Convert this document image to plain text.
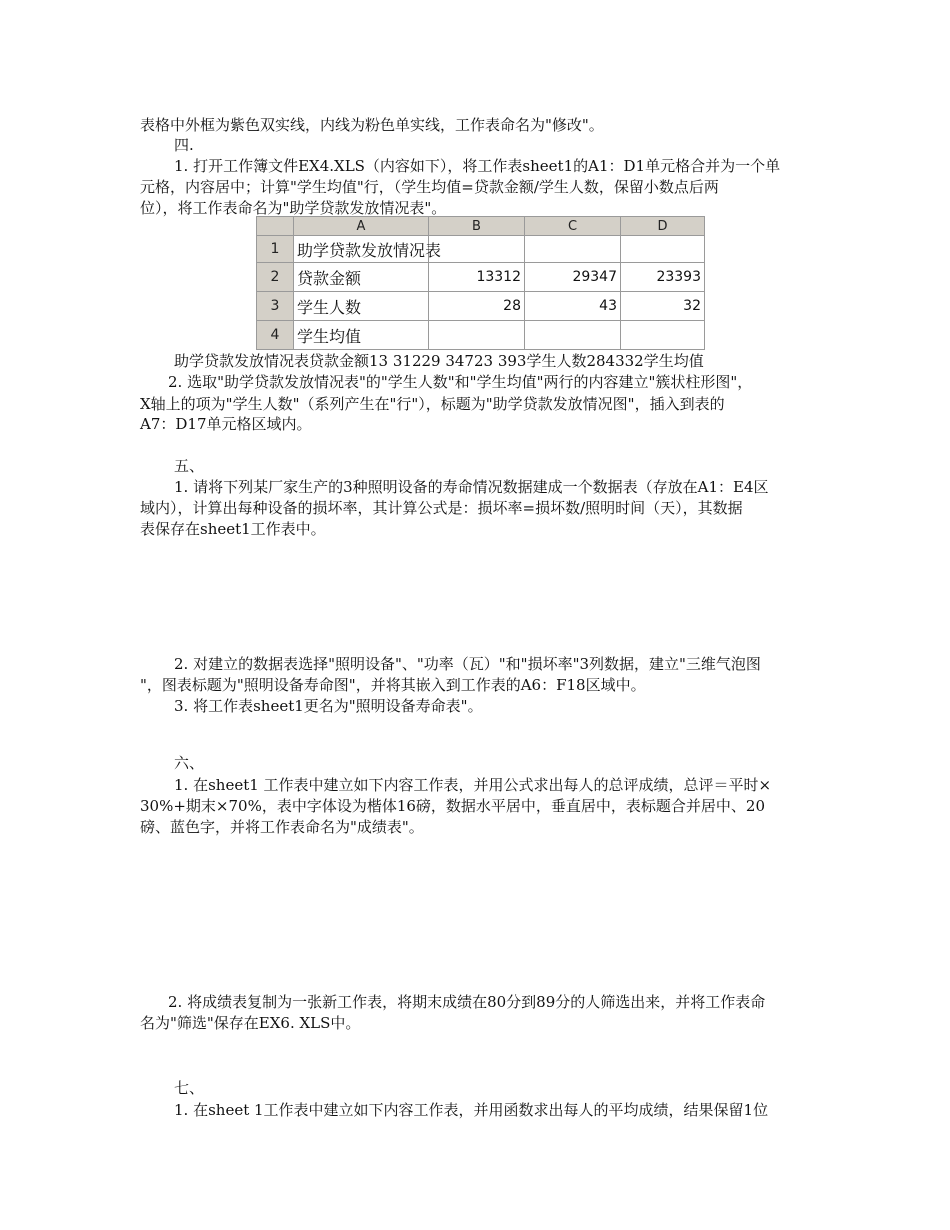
表格中外框为紫色双实线，内线为粉色单实线，工作表命名为"修改"。
四.
1. 打开工作簿文件EX4.XLS（内容如下），将工作表sheet1的A1：D1单元格合并为一个单
元格，内容居中；计算"学生均值"行，（学生均值=贷款金额/学生人数，保留小数点后两
位），将工作表命名为"助学贷款发放情况表"。
	A	B	C	D
1	助学贷款发放情况表			
2	贷款金额	13312	29347	23393
3	学生人数	28	43	32
4	学生均值			
助学贷款发放情况表贷款金额13 31229 34723 393学生人数284332学生均值
2. 选取"助学贷款发放情况表"的"学生人数"和"学生均值"两行的内容建立"簇状柱形图"，
X轴上的项为"学生人数"（系列产生在"行"），标题为"助学贷款发放情况图"，插入到表的
A7：D17单元格区域内。
五、
1. 请将下列某厂家生产的3种照明设备的寿命情况数据建成一个数据表（存放在A1：E4区
域内），计算出每种设备的损坏率，其计算公式是：损坏率=损坏数/照明时间（天），其数据
表保存在sheet1工作表中。
2. 对建立的数据表选择"照明设备"、"功率（瓦）"和"损坏率"3列数据，建立"三维气泡图
"，图表标题为"照明设备寿命图"，并将其嵌入到工作表的A6：F18区域中。
3. 将工作表sheet1更名为"照明设备寿命表"。
六、
1. 在sheet1 工作表中建立如下内容工作表，并用公式求出每人的总评成绩，总评＝平时×
30%+期末×70%，表中字体设为楷体16磅，数据水平居中，垂直居中，表标题合并居中、20
磅、蓝色字，并将工作表命名为"成绩表"。
2. 将成绩表复制为一张新工作表，将期末成绩在80分到89分的人筛选出来，并将工作表命
名为"筛选"保存在EX6. XLS中。
七、
1. 在sheet 1工作表中建立如下内容工作表，并用函数求出每人的平均成绩，结果保留1位
